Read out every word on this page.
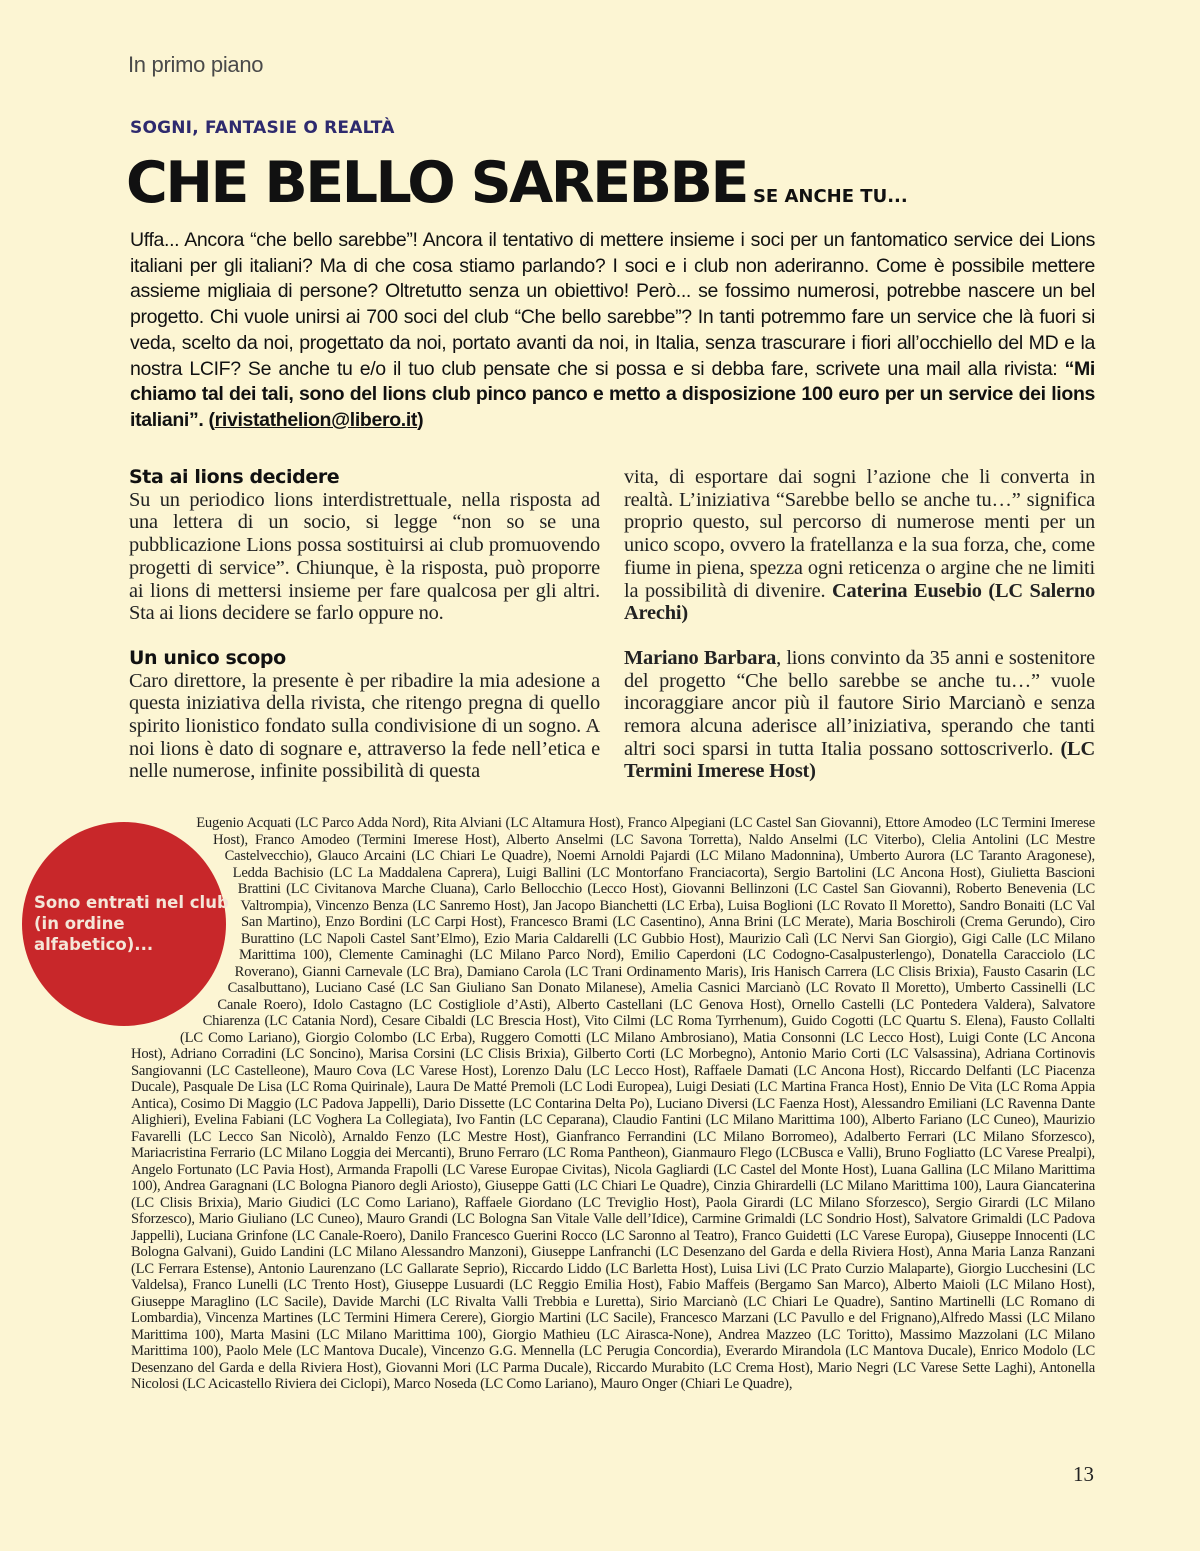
In primo piano
SOGNI, FANTASIE O REALTÀ
CHE BELLO SAREBBE SE ANCHE TU...
Uffa... Ancora “che bello sarebbe”! Ancora il tentativo di mettere insieme i soci per un fantomatico service dei Lions italiani per gli italiani? Ma di che cosa stiamo parlando? I soci e i club non aderiranno. Come è possibile mettere assieme migliaia di persone? Oltretutto senza un obiettivo! Però... se fossimo numerosi, potrebbe nascere un bel progetto. Chi vuole unirsi ai 700 soci del club “Che bello sarebbe”? In tanti potremmo fare un service che là fuori si veda, scelto da noi, progettato da noi, portato avanti da noi, in Italia, senza trascurare i fiori all’occhiello del MD e la nostra LCIF? Se anche tu e/o il tuo club pensate che si possa e si debba fare, scrivete una mail alla rivista: “Mi chiamo tal dei tali, sono del lions club pinco panco e metto a disposizione 100 euro per un service dei lions italiani”. (rivistathelion@libero.it)
Sta ai lions decidere

Su un periodico lions interdistrettuale, nella risposta ad una lettera di un socio, si legge “non so se una pubblicazione Lions possa sostituirsi ai club promuovendo progetti di service”. Chiunque, è la risposta, può proporre ai lions di mettersi insieme per fare qualcosa per gli altri. Sta ai lions decidere se farlo oppure no.

Un unico scopo

Caro direttore, la presente è per ribadire la mia adesione a questa iniziativa della rivista, che ritengo pregna di quello spirito lionistico fondato sulla condivisione di un sogno. A noi lions è dato di sognare e, attraverso la fede nell’etica e nelle numerose, infinite possibilità di questa

vita, di esportare dai sogni l’azione che li converta in realtà. L’iniziativa “Sarebbe bello se anche tu…” significa proprio questo, sul percorso di numerose menti per un unico scopo, ovvero la fratellanza e la sua forza, che, come fiume in piena, spezza ogni reticenza o argine che ne limiti la possibilità di divenire. Caterina Eusebio (LC Salerno Arechi)

Mariano Barbara, lions convinto da 35 anni e sostenitore del progetto “Che bello sarebbe se anche tu…” vuole incoraggiare ancor più il fautore Sirio Marcianò e senza remora alcuna aderisce all’iniziativa, sperando che tanti altri soci sparsi in tutta Italia possano sottoscriverlo. (LC Termini Imerese Host)

Sono entrati nel club
(in ordine alfabetico)...
Eugenio Acquati (LC Parco Adda Nord), Rita Alviani (LC Altamura Host), Franco Alpegiani (LC Castel San Giovanni), Ettore Amodeo (LC Termini Imerese Host), Franco Amodeo (Termini Imerese Host), Alberto Anselmi (LC Savona Torretta), Naldo Anselmi (LC Viterbo), Clelia Antolini (LC Mestre Castelvecchio), Glauco Arcaini (LC Chiari Le Quadre), Noemi Arnoldi Pajardi (LC Milano Madonnina), Umberto Aurora (LC Taranto Aragonese), Ledda Bachisio (LC La Maddalena Caprera), Luigi Ballini (LC Montorfano Franciacorta), Sergio Bartolini (LC Ancona Host), Giulietta Bascioni Brattini (LC Civitanova Marche Cluana), Carlo Bellocchio (Lecco Host), Giovanni Bellinzoni (LC Castel San Giovanni), Roberto Benevenia (LC Valtrompia), Vincenzo Benza (LC Sanremo Host), Jan Jacopo Bianchetti (LC Erba), Luisa Boglioni (LC Rovato Il Moretto), Sandro Bonaiti (LC Val San Martino), Enzo Bordini (LC Carpi Host), Francesco Brami (LC Casentino), Anna Brini (LC Merate), Maria Boschiroli (Crema Gerundo), Ciro Burattino (LC Napoli Castel Sant’Elmo), Ezio Maria Caldarelli (LC Gubbio Host), Maurizio Calì (LC Nervi San Giorgio), Gigi Calle (LC Milano Marittima 100), Clemente Caminaghi (LC Milano Parco Nord), Emilio Caperdoni (LC Codogno-Casalpusterlengo), Donatella Caracciolo (LC Roverano), Gianni Carnevale (LC Bra), Damiano Carola (LC Trani Ordinamento Maris), Iris Hanisch Carrera (LC Clisis Brixia), Fausto Casarin (LC Casalbuttano), Luciano Casé (LC San Giuliano San Donato Milanese), Amelia Casnici Marcianò (LC Rovato Il Moretto), Umberto Cassinelli (LC Canale Roero), Idolo Castagno (LC Costigliole d’Asti), Alberto Castellani (LC Genova Host), Ornello Castelli (LC Pontedera Valdera), Salvatore Chiarenza (LC Catania Nord), Cesare Cibaldi (LC Brescia Host), Vito Cilmi (LC Roma Tyrrhenum), Guido Cogotti (LC Quartu S. Elena), Fausto Collalti (LC Como Lariano), Giorgio Colombo (LC Erba), Ruggero Comotti (LC Milano Ambrosiano), Matia Consonni (LC Lecco Host), Luigi Conte (LC Ancona Host), Adriano Corradini (LC Soncino), Marisa Corsini (LC Clisis Brixia), Gilberto Corti (LC Morbegno), Antonio Mario Corti (LC Valsassina), Adriana Cortinovis Sangiovanni (LC Castelleone), Mauro Cova (LC Varese Host), Lorenzo Dalu (LC Lecco Host), Raffaele Damati (LC Ancona Host), Riccardo Delfanti (LC Piacenza Ducale), Pasquale De Lisa (LC Roma Quirinale), Laura De Matté Premoli (LC Lodi Europea), Luigi Desiati (LC Martina Franca Host), Ennio De Vita (LC Roma Appia Antica), Cosimo Di Maggio (LC Padova Jappelli), Dario Dissette (LC Contarina Delta Po), Luciano Diversi (LC Faenza Host), Alessandro Emiliani (LC Ravenna Dante Alighieri), Evelina Fabiani (LC Voghera La Collegiata), Ivo Fantin (LC Ceparana), Claudio Fantini (LC Milano Marittima 100), Alberto Fariano (LC Cuneo), Maurizio Favarelli (LC Lecco San Nicolò), Arnaldo Fenzo (LC Mestre Host), Gianfranco Ferrandini (LC Milano Borromeo), Adalberto Ferrari (LC Milano Sforzesco), Mariacristina Ferrario (LC Milano Loggia dei Mercanti), Bruno Ferraro (LC Roma Pantheon), Gianmauro Flego (LCBusca e Valli), Bruno Fogliatto (LC Varese Prealpi), Angelo Fortunato (LC Pavia Host), Armanda Frapolli (LC Varese Europae Civitas), Nicola Gagliardi (LC Castel del Monte Host), Luana Gallina (LC Milano Marittima 100), Andrea Garagnani (LC Bologna Pianoro degli Ariosto), Giuseppe Gatti (LC Chiari Le Quadre), Cinzia Ghirardelli (LC Milano Marittima 100), Laura Giancaterina (LC Clisis Brixia), Mario Giudici (LC Como Lariano), Raffaele Giordano (LC Treviglio Host), Paola Girardi (LC Milano Sforzesco), Sergio Girardi (LC Milano Sforzesco), Mario Giuliano (LC Cuneo), Mauro Grandi (LC Bologna San Vitale Valle dell’Idice), Carmine Grimaldi (LC Sondrio Host), Salvatore Grimaldi (LC Padova Jappelli), Luciana Grinfone (LC Canale-Roero), Danilo Francesco Guerini Rocco (LC Saronno al Teatro), Franco Guidetti (LC Varese Europa), Giuseppe Innocenti (LC Bologna Galvani), Guido Landini (LC Milano Alessandro Manzoni), Giuseppe Lanfranchi (LC Desenzano del Garda e della Riviera Host), Anna Maria Lanza Ranzani (LC Ferrara Estense), Antonio Laurenzano (LC Gallarate Seprio), Riccardo Liddo (LC Barletta Host), Luisa Livi (LC Prato Curzio Malaparte), Giorgio Lucchesini (LC Valdelsa), Franco Lunelli (LC Trento Host), Giuseppe Lusuardi (LC Reggio Emilia Host), Fabio Maffeis (Bergamo San Marco), Alberto Maioli (LC Milano Host), Giuseppe Maraglino (LC Sacile), Davide Marchi (LC Rivalta Valli Trebbia e Luretta), Sirio Marcianò (LC Chiari Le Quadre), Santino Martinelli (LC Romano di Lombardia), Vincenza Martines (LC Termini Himera Cerere), Giorgio Martini (LC Sacile), Francesco Marzani (LC Pavullo e del Frignano),Alfredo Massi (LC Milano Marittima 100), Marta Masini (LC Milano Marittima 100), Giorgio Mathieu (LC Airasca-None), Andrea Mazzeo (LC Toritto), Massimo Mazzolani (LC Milano Marittima 100), Paolo Mele (LC Mantova Ducale), Vincenzo G.G. Mennella (LC Perugia Concordia), Everardo Mirandola (LC Mantova Ducale), Enrico Modolo (LC Desenzano del Garda e della Riviera Host), Giovanni Mori (LC Parma Ducale), Riccardo Murabito (LC Crema Host), Mario Negri (LC Varese Sette Laghi), Antonella Nicolosi (LC Acicastello Riviera dei Ciclopi), Marco Noseda (LC Como Lariano), Mauro Onger (Chiari Le Quadre),
13
